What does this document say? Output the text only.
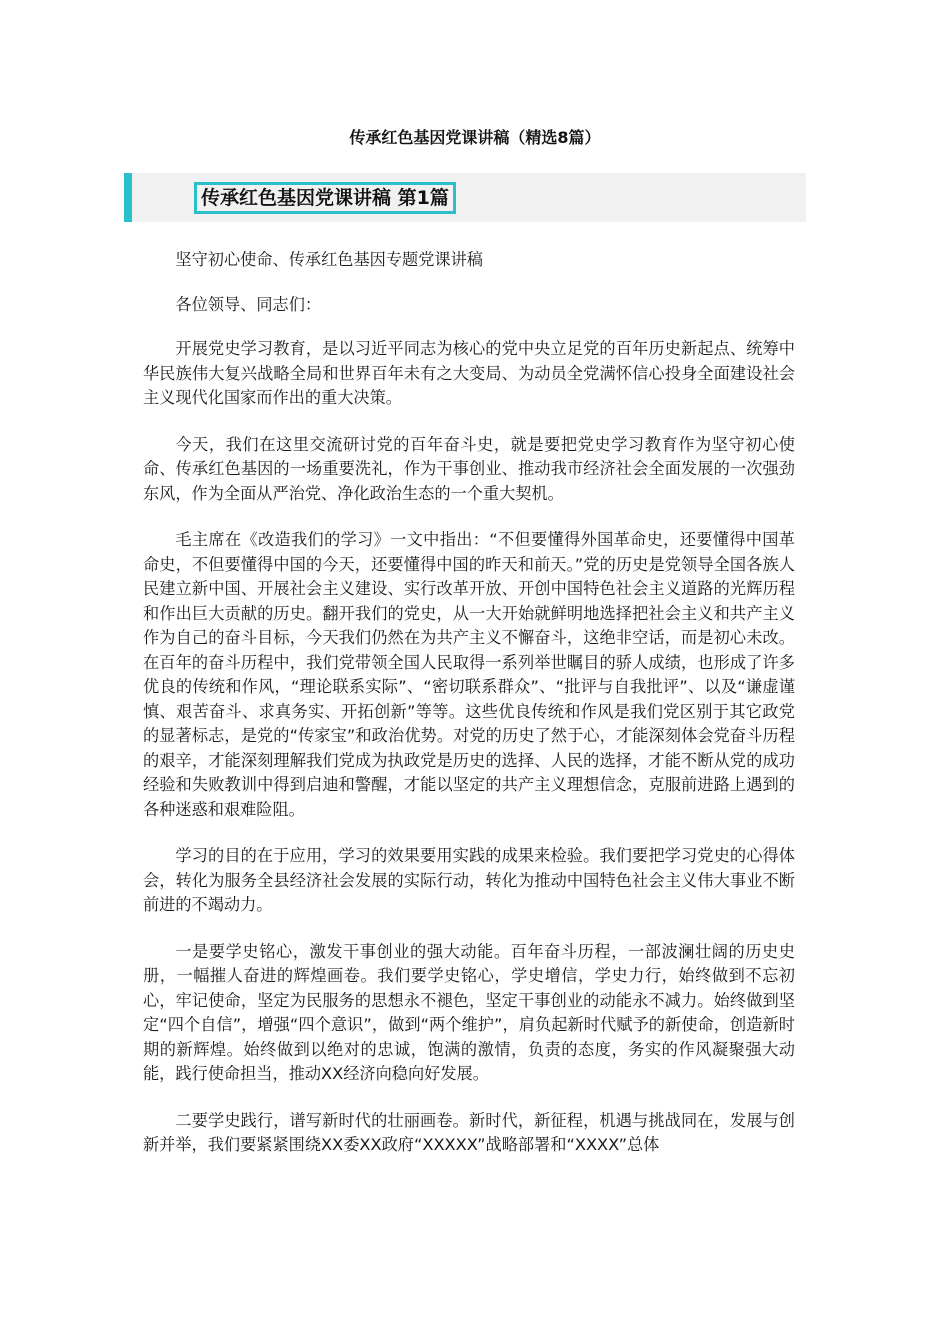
传承红色基因党课讲稿（精选8篇）
传承红色基因党课讲稿 第1篇

坚守初心使命、传承红色基因专题党课讲稿

各位领导、同志们：

开展党史学习教育，是以习近平同志为核心的党中央立足党的百年历史新起点、统筹中华民族伟大复兴战略全局和世界百年未有之大变局、为动员全党满怀信心投身全面建设社会主义现代化国家而作出的重大决策。

今天，我们在这里交流研讨党的百年奋斗史，就是要把党史学习教育作为坚守初心使命、传承红色基因的一场重要洗礼，作为干事创业、推动我市经济社会全面发展的一次强劲东风，作为全面从严治党、净化政治生态的一个重大契机。

毛主席在《改造我们的学习》一文中指出：“不但要懂得外国革命史，还要懂得中国革命史，不但要懂得中国的今天，还要懂得中国的昨天和前天。”党的历史是党领导全国各族人民建立新中国、开展社会主义建设、实行改革开放、开创中国特色社会主义道路的光辉历程和作出巨大贡献的历史。翻开我们的党史，从一大开始就鲜明地选择把社会主义和共产主义作为自己的奋斗目标，今天我们仍然在为共产主义不懈奋斗，这绝非空话，而是初心未改。在百年的奋斗历程中，我们党带领全国人民取得一系列举世瞩目的骄人成绩，也形成了许多优良的传统和作风，“理论联系实际”、“密切联系群众”、“批评与自我批评”、以及“谦虚谨慎、艰苦奋斗、求真务实、开拓创新”等等。这些优良传统和作风是我们党区别于其它政党的显著标志，是党的“传家宝”和政治优势。对党的历史了然于心，才能深刻体会党奋斗历程的艰辛，才能深刻理解我们党成为执政党是历史的选择、人民的选择，才能不断从党的成功经验和失败教训中得到启迪和警醒，才能以坚定的共产主义理想信念，克服前进路上遇到的各种迷惑和艰难险阻。

学习的目的在于应用，学习的效果要用实践的成果来检验。我们要把学习党史的心得体会，转化为服务全县经济社会发展的实际行动，转化为推动中国特色社会主义伟大事业不断前进的不竭动力。

一是要学史铭心，激发干事创业的强大动能。百年奋斗历程，一部波澜壮阔的历史史册，一幅摧人奋进的辉煌画卷。我们要学史铭心，学史增信，学史力行，始终做到不忘初心，牢记使命，坚定为民服务的思想永不褪色，坚定干事创业的动能永不减力。始终做到坚定“四个自信”，增强“四个意识”，做到“两个维护”，肩负起新时代赋予的新使命，创造新时期的新辉煌。始终做到以绝对的忠诚，饱满的激情，负责的态度，务实的作风凝聚强大动能，践行使命担当，推动XX经济向稳向好发展。

二要学史践行，谱写新时代的壮丽画卷。新时代，新征程，机遇与挑战同在，发展与创新并举，我们要紧紧围绕XX委XX政府“XXXXX”战略部署和“XXXX”总体
